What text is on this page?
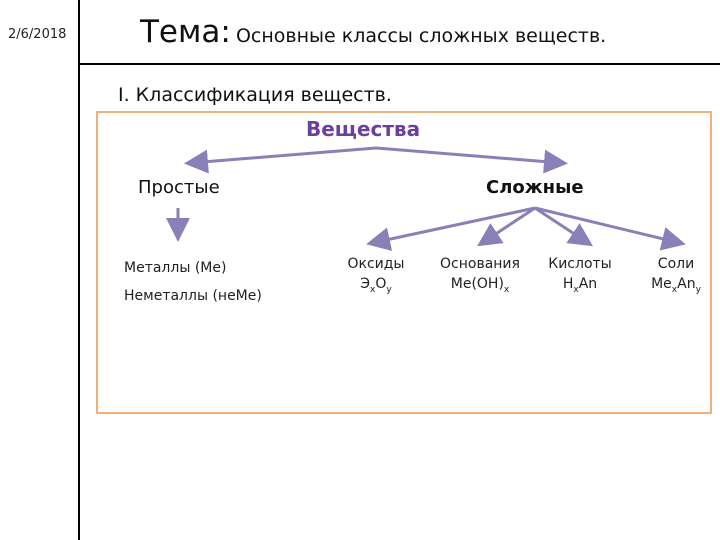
2/6/2018 Тема: Основные классы сложных веществ.
I. Классификация веществ.
Вещества
Простые	Сложные
Металлы (Ме)
Неметаллы (неМе)
Оксиды
$Э_xO_y$
Основания
$Ме(ОН)_x$
Кислоты
$H_xAn$
Соли
$Ме_xAn_y$
